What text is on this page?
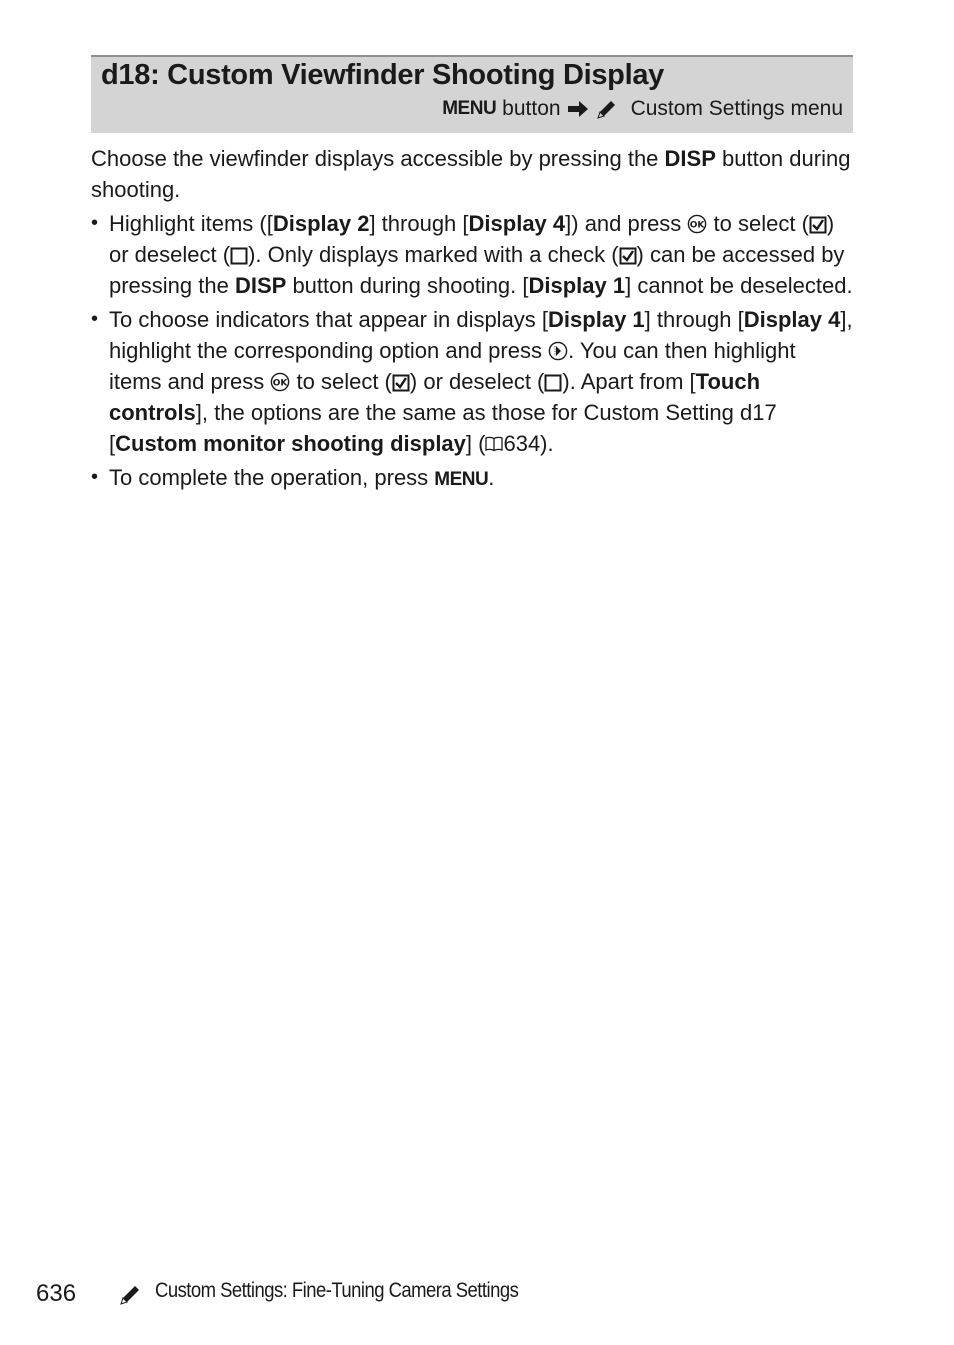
d18: Custom Viewfinder Shooting Display
MENU button	Custom Settings menu

Choose the viewfinder displays accessible by pressing the DISP button during shooting.

• Highlight items ([Display 2] through [Display 4]) and press OK to select ( ) or deselect ( ). Only displays marked with a check ( ) can be accessed by pressing the DISP button during shooting. [Display 1] cannot be deselected.
• To choose indicators that appear in displays [Display 1] through [Display 4], highlight the corresponding option and press . You can then highlight items and press OK to select ( ) or deselect ( ). Apart from [Touch controls], the options are the same as those for Custom Setting d17 [Custom monitor shooting display] ( 634).
• To complete the operation, press MENU.
636	Custom Settings: Fine-Tuning Camera Settings
